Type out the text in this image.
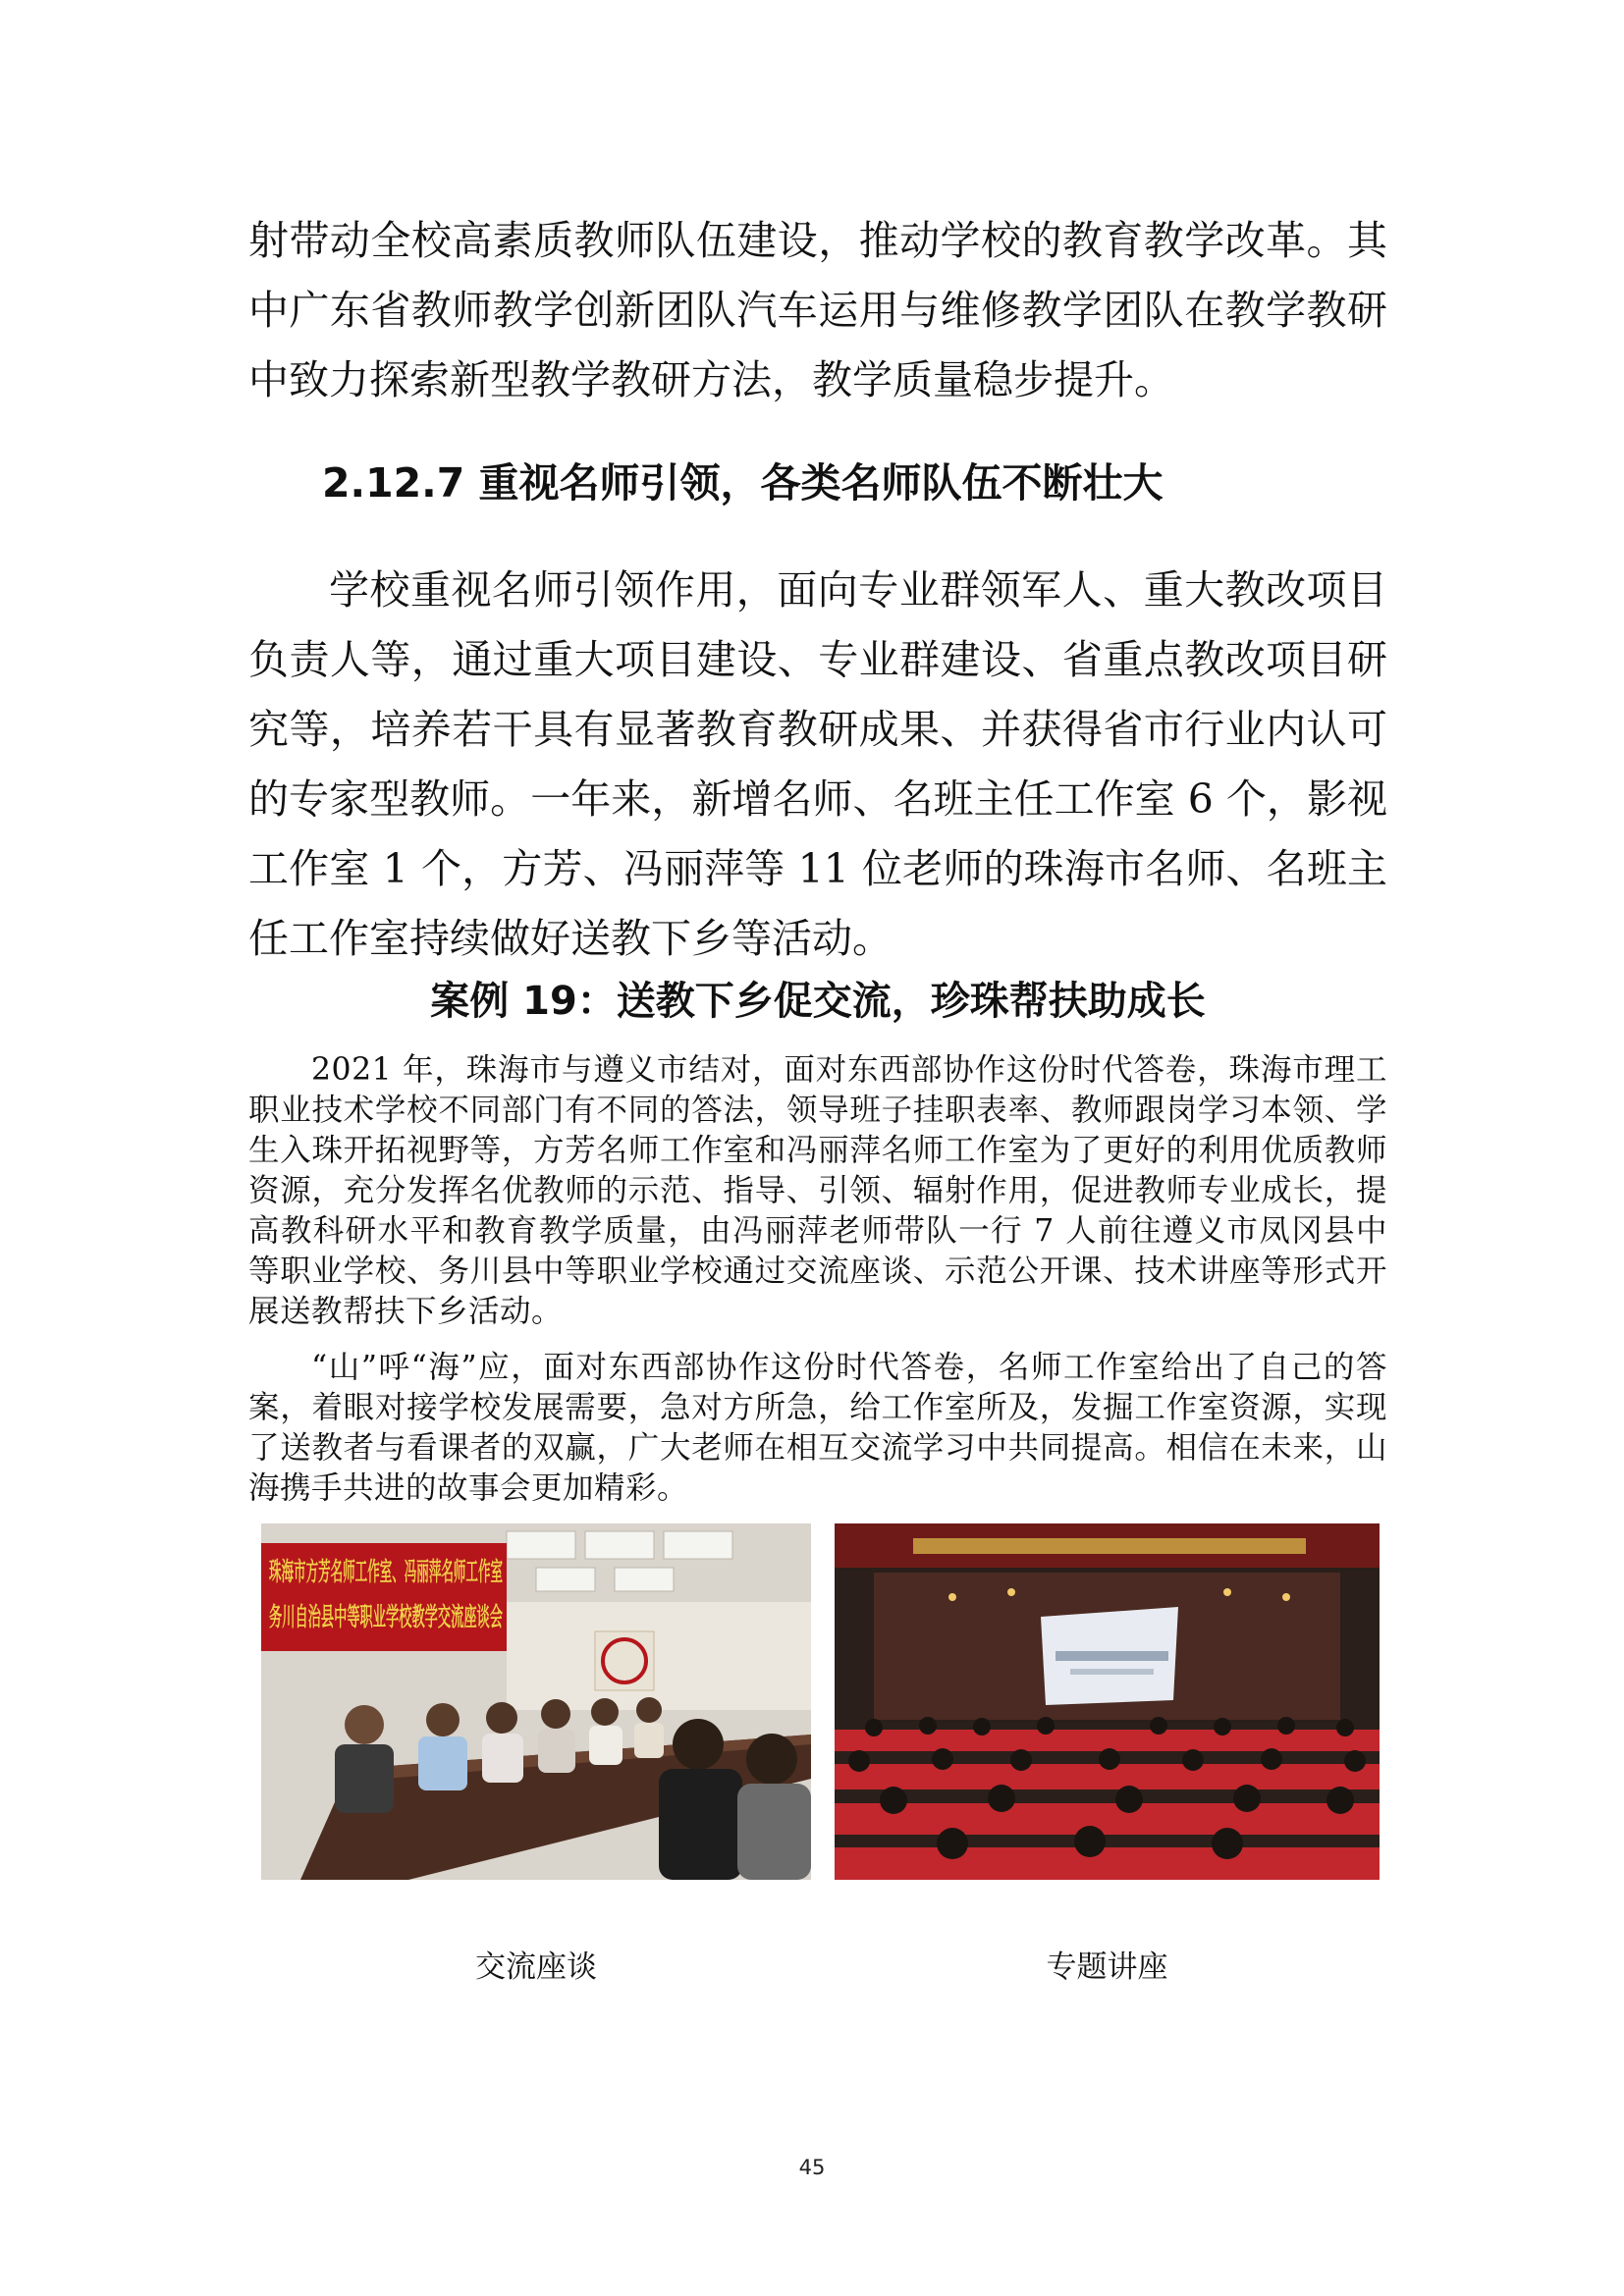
射带动全校高素质教师队伍建设，推动学校的教育教学改革。其中广东省教师教学创新团队汽车运用与维修教学团队在教学教研中致力探索新型教学教研方法，教学质量稳步提升。

2.12.7 重视名师引领，各类名师队伍不断壮大

学校重视名师引领作用，面向专业群领军人、重大教改项目负责人等，通过重大项目建设、专业群建设、省重点教改项目研究等，培养若干具有显著教育教研成果、并获得省市行业内认可的专家型教师。一年来，新增名师、名班主任工作室 6 个，影视工作室 1 个，方芳、冯丽萍等 11 位老师的珠海市名师、名班主任工作室持续做好送教下乡等活动。

案例 19：送教下乡促交流，珍珠帮扶助成长

2021 年，珠海市与遵义市结对，面对东西部协作这份时代答卷，珠海市理工职业技术学校不同部门有不同的答法，领导班子挂职表率、教师跟岗学习本领、学生入珠开拓视野等，方芳名师工作室和冯丽萍名师工作室为了更好的利用优质教师资源，充分发挥名优教师的示范、指导、引领、辐射作用，促进教师专业成长，提高教科研水平和教育教学质量，由冯丽萍老师带队一行 7 人前往遵义市凤冈县中等职业学校、务川县中等职业学校通过交流座谈、示范公开课、技术讲座等形式开展送教帮扶下乡活动。

“山”呼“海”应，面对东西部协作这份时代答卷，名师工作室给出了自己的答案，着眼对接学校发展需要，急对方所急，给工作室所及，发掘工作室资源，实现了送教者与看课者的双赢，广大老师在相互交流学习中共同提高。相信在未来，山海携手共进的故事会更加精彩。

务川自治县中等职业学校教学交流座谈会

交流座谈	专题讲座

45
